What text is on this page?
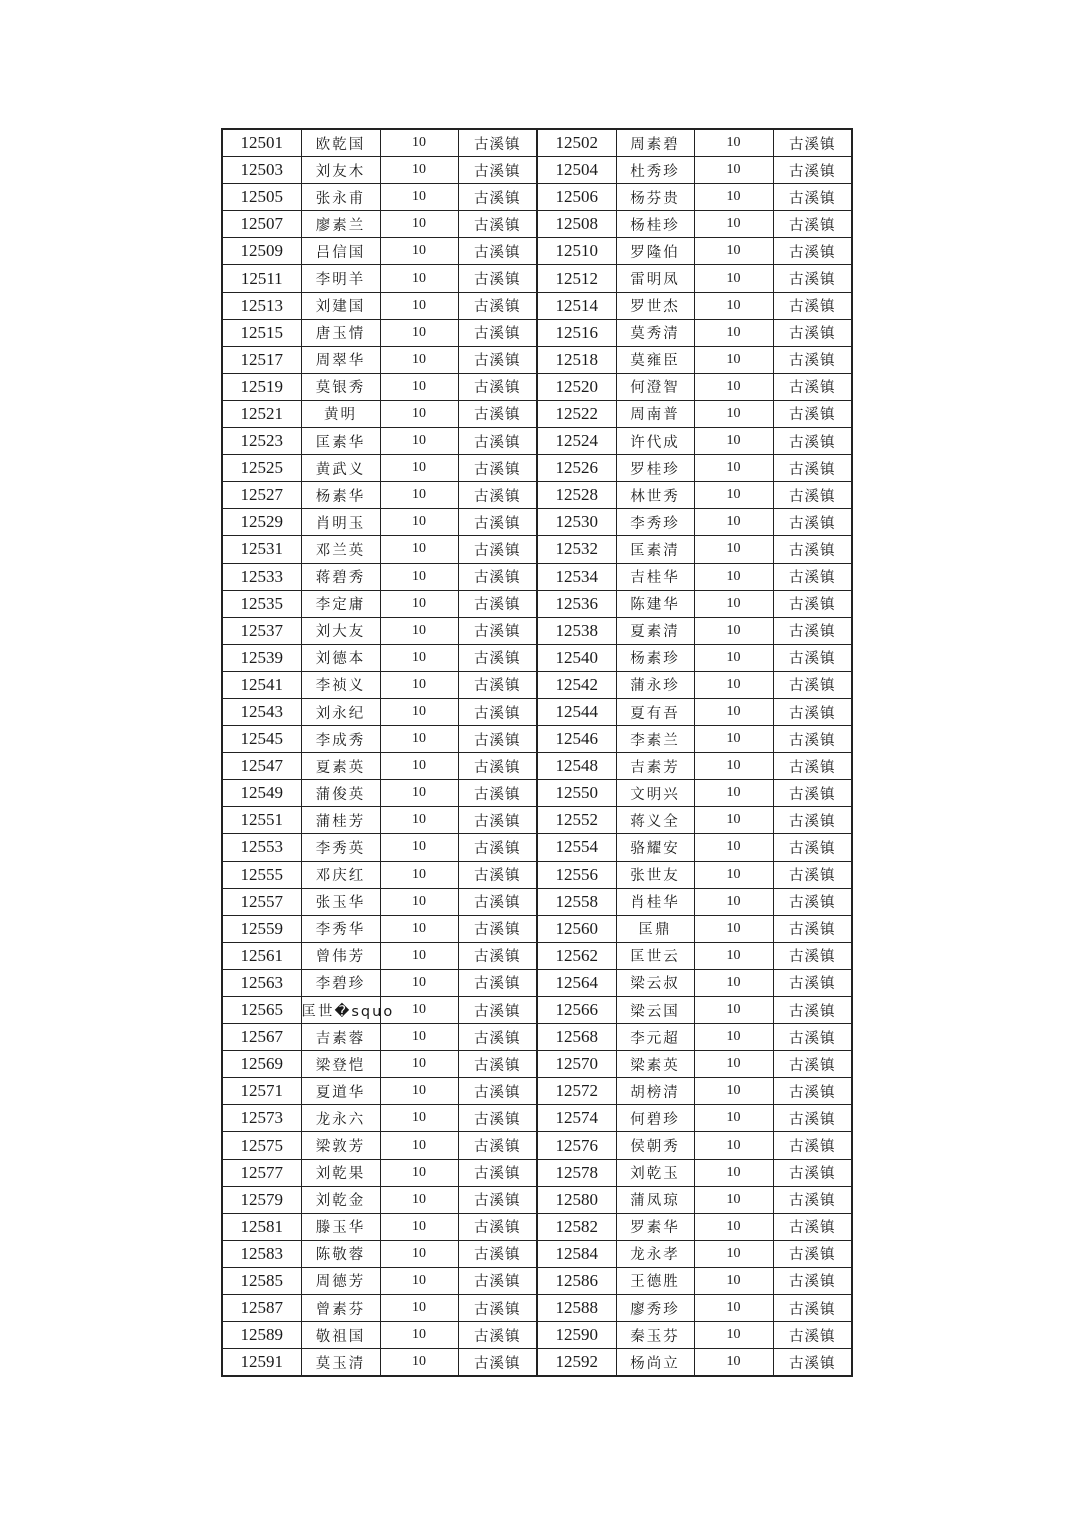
12501	欧乾国	10	古溪镇	12502	周素碧	10	古溪镇
12503	刘友木	10	古溪镇	12504	杜秀珍	10	古溪镇
12505	张永甫	10	古溪镇	12506	杨芬贵	10	古溪镇
12507	廖素兰	10	古溪镇	12508	杨桂珍	10	古溪镇
12509	吕信国	10	古溪镇	12510	罗隆伯	10	古溪镇
12511	李明羊	10	古溪镇	12512	雷明凤	10	古溪镇
12513	刘建国	10	古溪镇	12514	罗世杰	10	古溪镇
12515	唐玉情	10	古溪镇	12516	莫秀清	10	古溪镇
12517	周翠华	10	古溪镇	12518	莫雍臣	10	古溪镇
12519	莫银秀	10	古溪镇	12520	何澄智	10	古溪镇
12521	黄明	10	古溪镇	12522	周南普	10	古溪镇
12523	匡素华	10	古溪镇	12524	许代成	10	古溪镇
12525	黄武义	10	古溪镇	12526	罗桂珍	10	古溪镇
12527	杨素华	10	古溪镇	12528	林世秀	10	古溪镇
12529	肖明玉	10	古溪镇	12530	李秀珍	10	古溪镇
12531	邓兰英	10	古溪镇	12532	匡素清	10	古溪镇
12533	蒋碧秀	10	古溪镇	12534	吉桂华	10	古溪镇
12535	李定庸	10	古溪镇	12536	陈建华	10	古溪镇
12537	刘大友	10	古溪镇	12538	夏素清	10	古溪镇
12539	刘德本	10	古溪镇	12540	杨素珍	10	古溪镇
12541	李祯义	10	古溪镇	12542	蒲永珍	10	古溪镇
12543	刘永纪	10	古溪镇	12544	夏有吾	10	古溪镇
12545	李成秀	10	古溪镇	12546	李素兰	10	古溪镇
12547	夏素英	10	古溪镇	12548	吉素芳	10	古溪镇
12549	蒲俊英	10	古溪镇	12550	文明兴	10	古溪镇
12551	蒲桂芳	10	古溪镇	12552	蒋义全	10	古溪镇
12553	李秀英	10	古溪镇	12554	骆耀安	10	古溪镇
12555	邓庆红	10	古溪镇	12556	张世友	10	古溪镇
12557	张玉华	10	古溪镇	12558	肖桂华	10	古溪镇
12559	李秀华	10	古溪镇	12560	匡鼎	10	古溪镇
12561	曾伟芳	10	古溪镇	12562	匡世云	10	古溪镇
12563	李碧珍	10	古溪镇	12564	梁云叔	10	古溪镇
12565	匡世�squo	10	古溪镇	12566	梁云国	10	古溪镇
12567	吉素蓉	10	古溪镇	12568	李元超	10	古溪镇
12569	梁登恺	10	古溪镇	12570	梁素英	10	古溪镇
12571	夏道华	10	古溪镇	12572	胡榜清	10	古溪镇
12573	龙永六	10	古溪镇	12574	何碧珍	10	古溪镇
12575	梁敦芳	10	古溪镇	12576	侯朝秀	10	古溪镇
12577	刘乾果	10	古溪镇	12578	刘乾玉	10	古溪镇
12579	刘乾金	10	古溪镇	12580	蒲凤琼	10	古溪镇
12581	滕玉华	10	古溪镇	12582	罗素华	10	古溪镇
12583	陈敬蓉	10	古溪镇	12584	龙永孝	10	古溪镇
12585	周德芳	10	古溪镇	12586	王德胜	10	古溪镇
12587	曾素芬	10	古溪镇	12588	廖秀珍	10	古溪镇
12589	敬祖国	10	古溪镇	12590	秦玉芬	10	古溪镇
12591	莫玉清	10	古溪镇	12592	杨尚立	10	古溪镇
